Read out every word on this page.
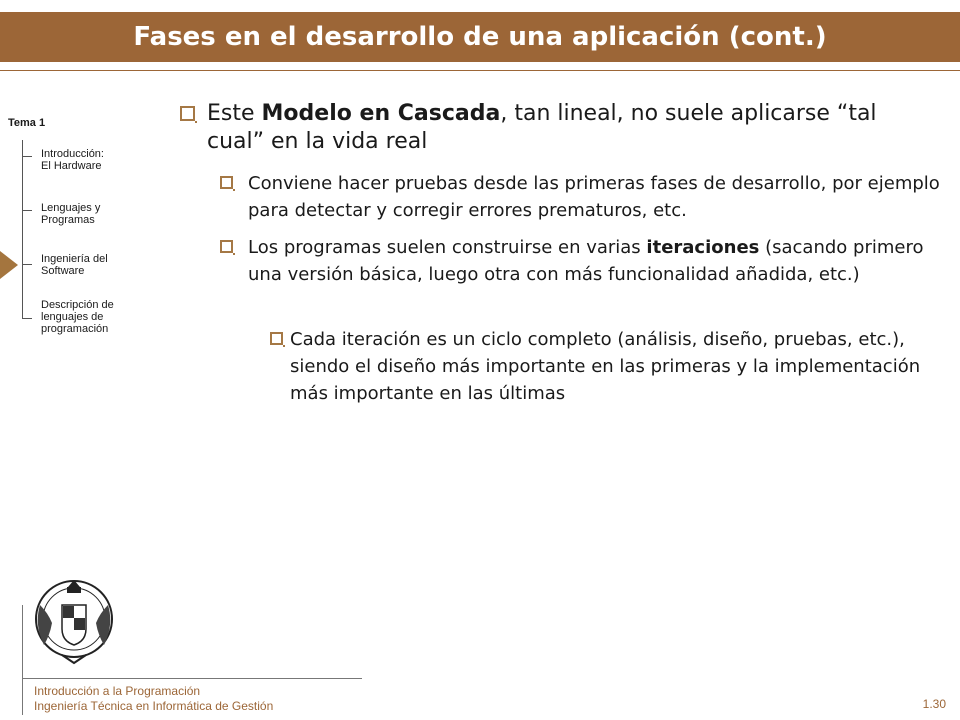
Fases en el desarrollo de una aplicación (cont.)
Tema 1
Introducción:
El Hardware
Lenguajes y
Programas
Ingeniería del
Software
Descripción de
lenguajes de
programación
Este Modelo en Cascada, tan lineal, no suele aplicarse “tal cual” en la vida real
Conviene hacer pruebas desde las primeras fases de desarrollo, por ejemplo para detectar y corregir errores prematuros, etc.
Los programas suelen construirse en varias iteraciones (sacando primero una versión básica, luego otra con más funcionalidad añadida, etc.)
Cada iteración es un ciclo completo (análisis, diseño, pruebas, etc.), siendo el diseño más importante en las primeras y la implementación más importante en las últimas
Introducción a la Programación
Ingeniería Técnica en Informática de Gestión	1.30
